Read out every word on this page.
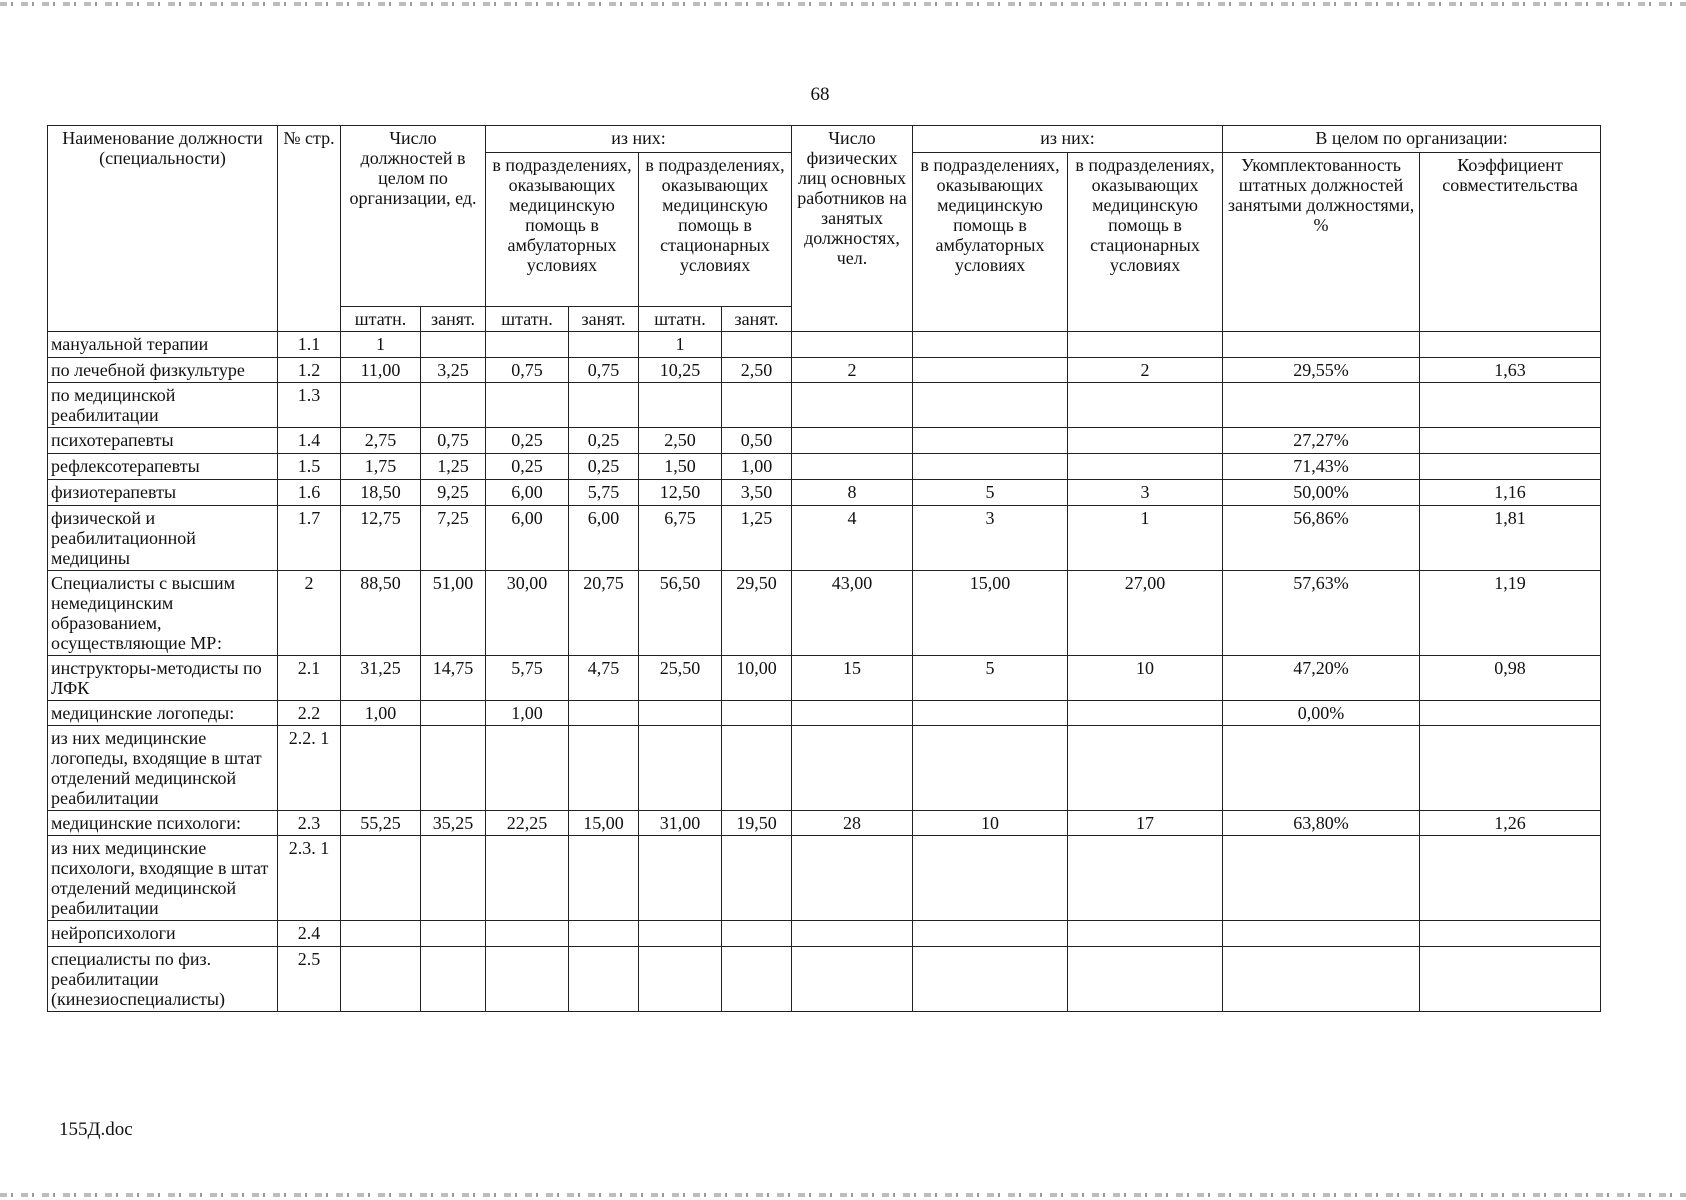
68
Наименование должности (специальности)	№ стр.	Число должностей в целом по организации, ед.		из них:				Число физических лиц основных работников на занятых должностях, чел.	из них:		В целом по организации:	
				в подразделениях, оказывающих медицинскую помощь в амбулаторных условиях		в подразделениях, оказывающих медицинскую помощь в стационарных условиях			в подразделениях, оказывающих медицинскую помощь в амбулаторных условиях	в подразделениях, оказывающих медицинскую помощь в стационарных условиях	Укомплектованность штатных должностей занятыми должностями, %	Коэффициент совместительства
		штатн.	занят.	штатн.	занят.	штатн.	занят.					
мануальной терапии	1.1	1				1						
по лечебной физкультуре	1.2	11,00	3,25	0,75	0,75	10,25	2,50	2		2	29,55%	1,63
по медицинской реабилитации	1.3											
психотерапевты	1.4	2,75	0,75	0,25	0,25	2,50	0,50				27,27%	
рефлексотерапевты	1.5	1,75	1,25	0,25	0,25	1,50	1,00				71,43%	
физиотерапевты	1.6	18,50	9,25	6,00	5,75	12,50	3,50	8	5	3	50,00%	1,16
физической и реабилитационной медицины	1.7	12,75	7,25	6,00	6,00	6,75	1,25	4	3	1	56,86%	1,81
Специалисты с высшим немедицинским образованием, осуществляющие МР:	2	88,50	51,00	30,00	20,75	56,50	29,50	43,00	15,00	27,00	57,63%	1,19
инструкторы-методисты по ЛФК	2.1	31,25	14,75	5,75	4,75	25,50	10,00	15	5	10	47,20%	0,98
медицинские логопеды:	2.2	1,00		1,00							0,00%	
из них медицинские логопеды, входящие в штат отделений медицинской реабилитации	2.2. 1											
медицинские психологи:	2.3	55,25	35,25	22,25	15,00	31,00	19,50	28	10	17	63,80%	1,26
из них медицинские психологи, входящие в штат отделений медицинской реабилитации	2.3. 1											
нейропсихологи	2.4											
специалисты по физ. реабилитации (кинезиоспециалисты)	2.5											
155Д.doc
